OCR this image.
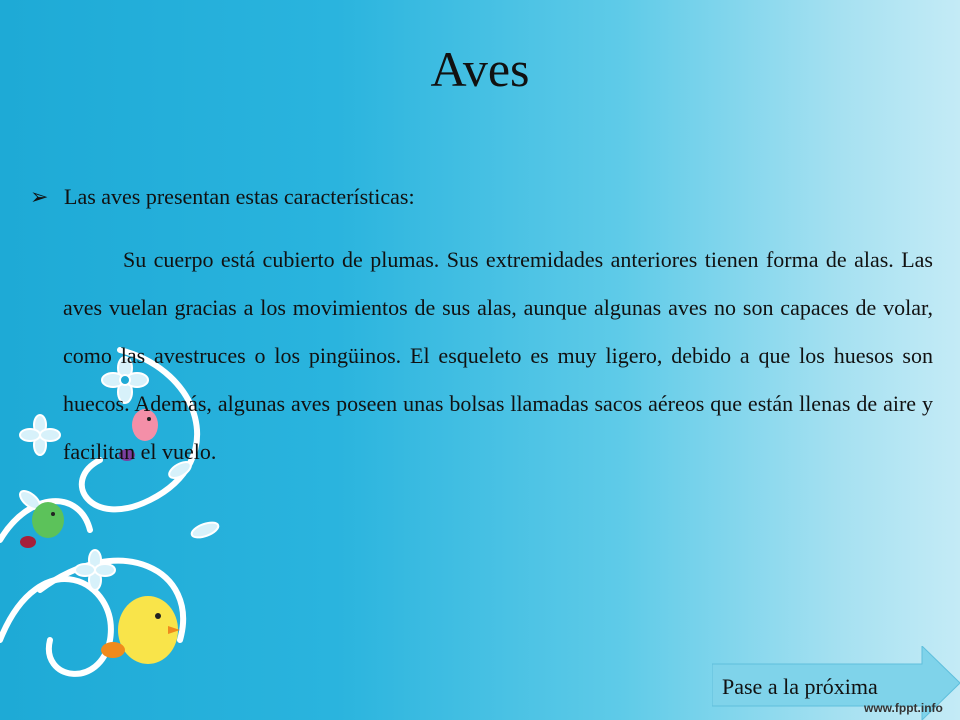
Aves
➢ Las aves presentan estas características:

Su cuerpo está cubierto de plumas. Sus extremidades anteriores tienen forma de alas. Las aves vuelan gracias a los movimientos de sus alas, aunque algunas aves no son capaces de volar, como las avestruces o los pingüinos. El esqueleto es muy ligero, debido a que los huesos son huecos. Además, algunas aves poseen unas bolsas llamadas sacos aéreos que están llenas de aire y facilitan el vuelo.

Pase a la próxima
www.fppt.info
